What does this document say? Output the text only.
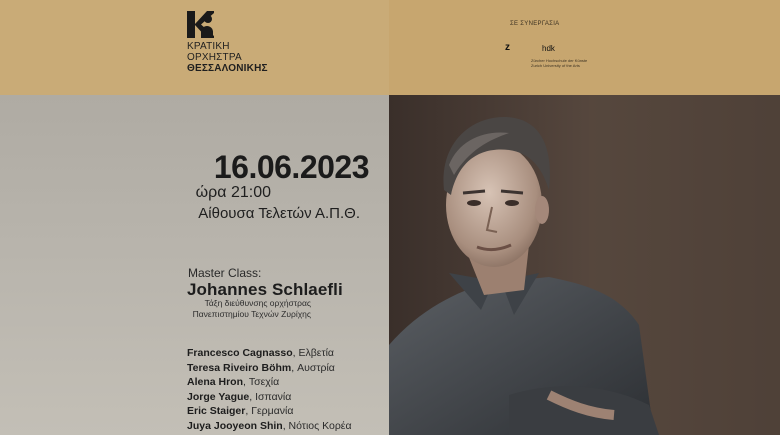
ΚΡΑΤΙΚΗ
ΟΡΧΗΣΤΡΑ
ΘΕΣΣΑΛΟΝΙΚΗΣ
ΣΕ ΣΥΝΕΡΓΑΣΙΑ
z	hdk
Zürcher Hochschule der Künste
Zurich University of the Arts
16.06.2023
ώρα 21:00
Αίθουσα Τελετών Α.Π.Θ.
Master Class:
Johannes Schlaefli
Τάξη διεύθυνσης ορχήστρας
Πανεπιστημίου Τεχνών Ζυρίχης
Francesco Cagnasso, Ελβετία
Teresa Riveiro Böhm, Αυστρία
Alena Hron, Τσεχία
Jorge Yague, Ισπανία
Eric Staiger, Γερμανία
Juya Jooyeon Shin, Νότιος Κορέα
